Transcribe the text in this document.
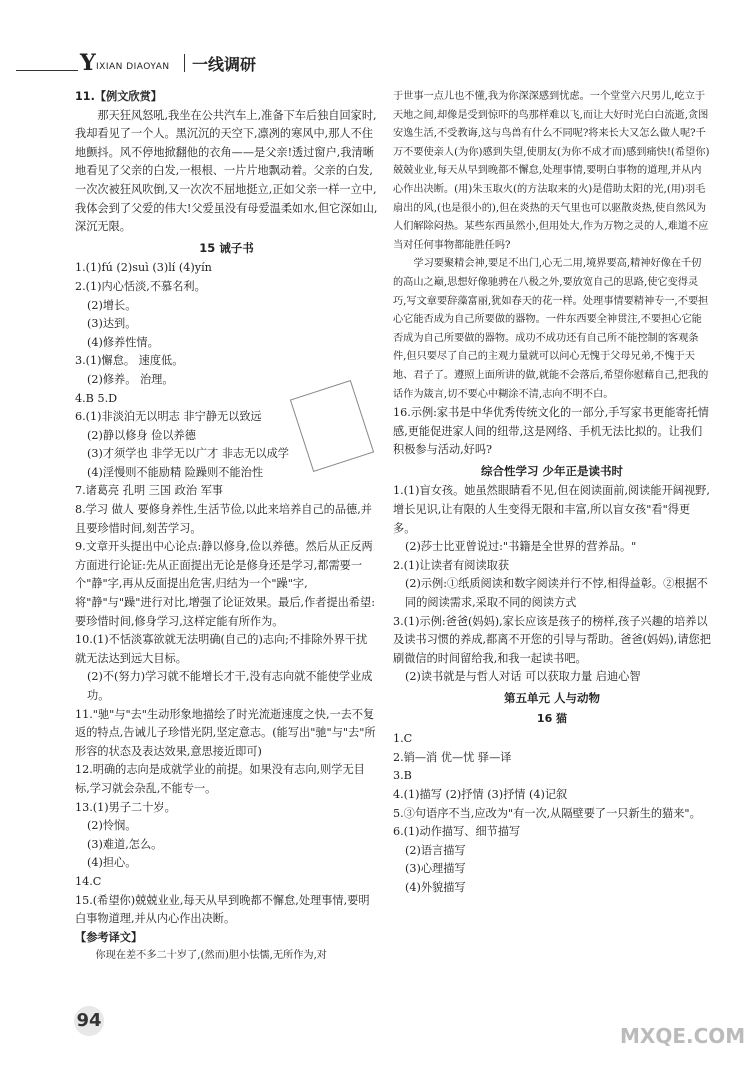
Y IXIAN DIAOYAN 一线调研

11.【例文欣赏】

那天狂风怒吼,我坐在公共汽车上,准备下车后独自回家时,我却看见了一个人。黑沉沉的天空下,凛冽的寒风中,那人不住地颤抖。风不停地掀翻他的衣角——是父亲!透过窗户,我清晰地看见了父亲的白发,一根根、一片片地飘动着。父亲的白发,一次次被狂风吹倒,又一次次不屈地挺立,正如父亲一样一立中,我体会到了父爱的伟大!父爱虽没有母爱温柔如水,但它深如山,深沉无限。

15 诫子书

1.(1)fú (2)suì (3)lí (4)yín

2.(1)内心恬淡,不慕名利。

(2)增长。

(3)达到。

(4)修养性情。

3.(1)懈怠。 速度低。

(2)修养。 治理。

4.B 5.D

6.(1)非淡泊无以明志 非宁静无以致远

(2)静以修身 俭以养德

(3)才须学也 非学无以广才 非志无以成学

(4)淫慢则不能励精 险躁则不能治性

7.诸葛亮 孔明 三国 政治 军事

8.学习 做人 要修身养性,生活节俭,以此来培养自己的品德,并且要珍惜时间,刻苦学习。

9.文章开头提出中心论点:静以修身,俭以养德。然后从正反两方面进行论证:先从正面提出无论是修身还是学习,都需要一个"静"字,再从反面提出危害,归结为一个"躁"字,将"静"与"躁"进行对比,增强了论证效果。最后,作者提出希望:要珍惜时间,修身学习,这样定能有所作为。

10.(1)不恬淡寡欲就无法明确(自己的)志向;不排除外界干扰就无法达到远大目标。

(2)不(努力)学习就不能增长才干,没有志向就不能使学业成功。

11."驰"与"去"生动形象地描绘了时光流逝速度之快,一去不复返的特点,告诫儿子珍惜光阴,坚定意志。(能写出"驰"与"去"所形容的状态及表达效果,意思接近即可)

12.明确的志向是成就学业的前提。如果没有志向,则学无目标,学习就会杂乱,不能专一。

13.(1)男子二十岁。

(2)怜悯。

(3)难道,怎么。

(4)担心。

14.C

15.(希望你)兢兢业业,每天从早到晚都不懈怠,处理事情,要明白事物道理,并从内心作出决断。

【参考译文】

你现在差不多二十岁了,(然而)胆小怯懦,无所作为,对

于世事一点儿也不懂,我为你深深感到忧虑。一个堂堂六尺男儿,屹立于天地之间,却像是受到惊吓的鸟那样难以飞,而让大好时光白白流逝,贪图安逸生活,不受教诲,这与鸟兽有什么不同呢?将来长大又怎么做人呢?千万不要使亲人(为你)感到失望,使朋友(为你不成才而)感到痛快!(希望你)兢兢业业,每天从早到晚都不懈怠,处理事情,要明白事物的道理,并从内心作出决断。(用)朱玉取火(的方法取来的火)是借助太阳的光,(用)羽毛扇出的风,(也是很小的),但在炎热的天气里也可以驱散炎热,使自然风为人们解除闷热。某些东西虽然小,但用处大,作为万物之灵的人,难道不应当对任何事物都能胜任吗?

学习要聚精会神,要足不出门,心无二用,境界要高,精神好像在千仞的高山之巅,思想好像驰骋在八极之外,要放宽自己的思路,使它变得灵巧,写文章要辞藻富丽,犹如春天的花一样。处理事情要精神专一,不要担心它能否成为自己所要做的器物。一件东西要全神贯注,不要担心它能否成为自己所要做的器物。成功不成功还有自己所不能控制的客观条件,但只要尽了自己的主观力量就可以问心无愧于父母兄弟,不愧于天地、君子了。遵照上面所讲的做,就能不会落后,希望你慰藉自己,把我的话作为箴言,切不要心中糊涂不清,志向不明不白。

16.示例:家书是中华优秀传统文化的一部分,手写家书更能寄托情感,更能促进家人间的纽带,这是网络、手机无法比拟的。让我们积极参与活动,好吗?

综合性学习 少年正是读书时

1.(1)盲女孩。她虽然眼睛看不见,但在阅读面前,阅读能开阔视野,增长见识,让有限的人生变得无限和丰富,所以盲女孩"看"得更多。

(2)莎士比亚曾说过:"书籍是全世界的营养品。"

2.(1)让读者有阅读取获

(2)示例:①纸质阅读和数字阅读并行不悖,相得益彰。②根据不同的阅读需求,采取不同的阅读方式

3.(1)示例:爸爸(妈妈),家长应该是孩子的榜样,孩子兴趣的培养以及读书习惯的养成,都离不开您的引导与帮助。爸爸(妈妈),请您把刷微信的时间留给我,和我一起读书吧。

(2)读书就是与哲人对话 可以获取力量 启迪心智

第五单元 人与动物

16 猫

1.C

2.销—消 优—忧 驿—译

3.B

4.(1)描写 (2)抒情 (3)抒情 (4)记叙

5.③句语序不当,应改为"有一次,从隔壁要了一只新生的猫来"。

6.(1)动作描写、细节描写

(2)语言描写

(3)心理描写

(4)外貌描写

94
MXQE.COM
